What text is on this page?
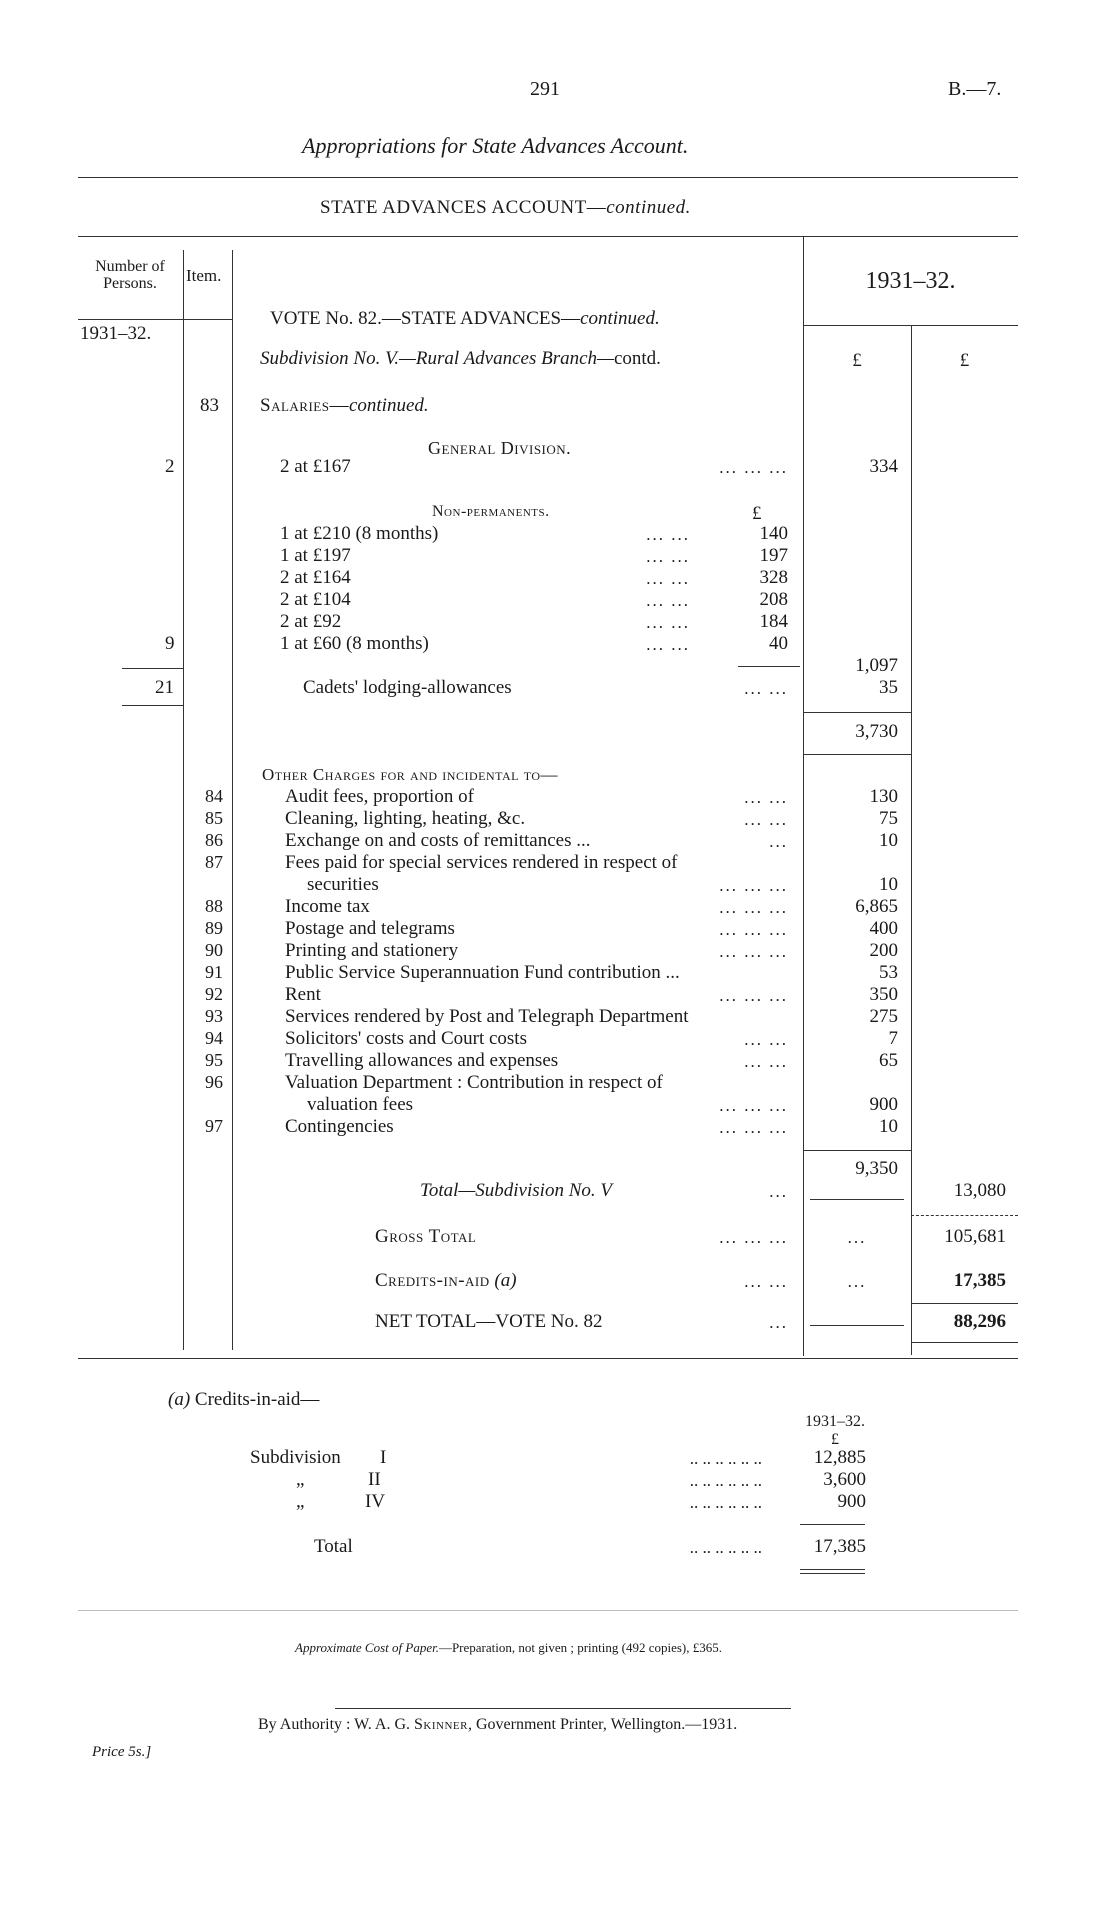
291	B.—7.
Appropriations for State Advances Account.
STATE ADVANCES ACCOUNT—continued.
Number of Persons.	Item.	1931–32.
1931–32.
VOTE No. 82.—STATE ADVANCES—continued.
Subdivision No. V.—Rural Advances Branch—contd.	£	£
83 Salaries—continued.
General Division.
2	2 at £167	... ... ...	334
Non-permanents.	£
1 at £210 (8 months)	... ...	140
1 at £197	... ...	197
2 at £164	... ...	328
2 at £104	... ...	208
2 at £92	... ...	184
9	1 at £60 (8 months)	... ...	40
1,097
21	Cadets' lodging-allowances	... ...	35
3,730
Other Charges for and incidental to—
84	Audit fees, proportion of	... ...	130
85	Cleaning, lighting, heating, &c.	... ...	75
86	Exchange on and costs of remittances ...	...	10
87	Fees paid for special services rendered in respect of
securities	... ... ...	10
88	Income tax	... ... ...	6,865
89	Postage and telegrams	... ... ...	400
90	Printing and stationery	... ... ...	200
91	Public Service Superannuation Fund contribution ...	53
92	Rent	... ... ...	350
93	Services rendered by Post and Telegraph Department	275
94	Solicitors' costs and Court costs	... ...	7
95	Travelling allowances and expenses	... ...	65
96	Valuation Department : Contribution in respect of
valuation fees	... ... ...	900
97	Contingencies	... ... ...	10
9,350
Total—Subdivision No. V	...	13,080
Gross Total	... ... ...	...	105,681
Credits-in-aid (a)	... ...	...	17,385
NET TOTAL—VOTE No. 82	...	88,296
(a) Credits-in-aid—
1931–32.
£
Subdivision I	.. .. .. .. .. ..	12,885
„	II	.. .. .. .. .. ..	3,600
„	IV	.. .. .. .. .. ..	900
Total	.. .. .. .. .. ..	17,385
Approximate Cost of Paper.—Preparation, not given ; printing (492 copies), £365.
By Authority : W. A. G. Skinner, Government Printer, Wellington.—1931.
Price 5s.]
